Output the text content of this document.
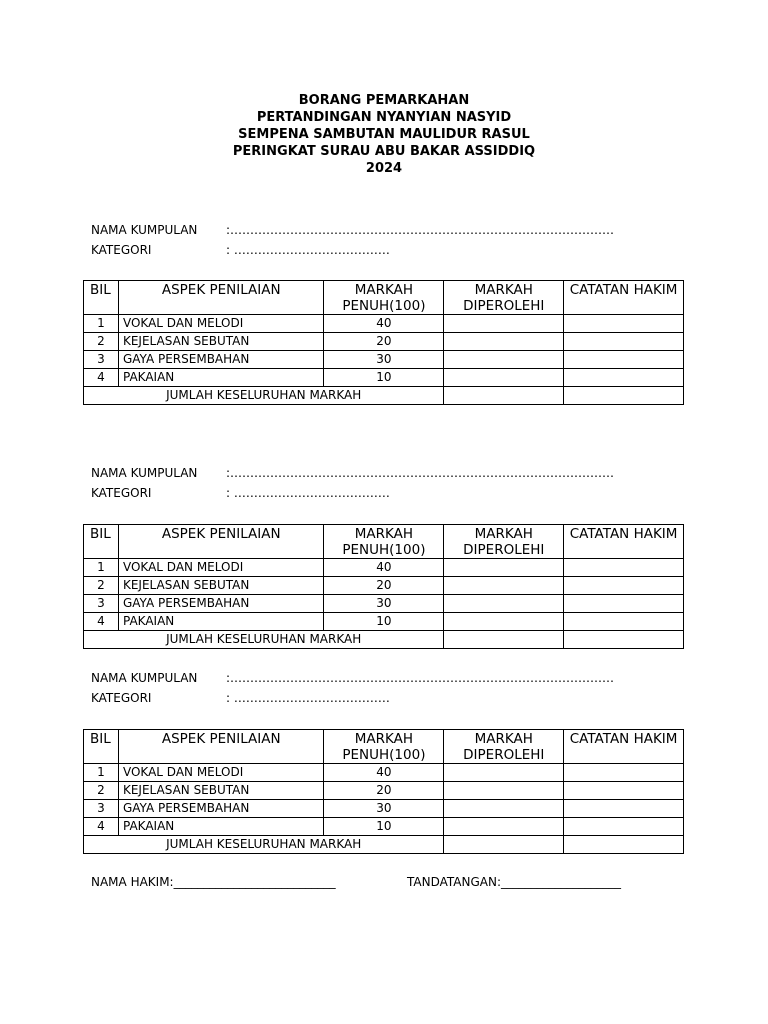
BORANG PEMARKAHAN
PERTANDINGAN NYANYIAN NASYID
SEMPENA SAMBUTAN MAULIDUR RASUL
PERINGKAT SURAU ABU BAKAR ASSIDDIQ
2024
NAMA KUMPULAN	:……………………………………………………………………………………
KATEGORI	: …………………………………
BIL	ASPEK PENILAIAN	MARKAH PENUH(100)	MARKAH DIPEROLEHI	CATATAN HAKIM
1	VOKAL DAN MELODI	40		
2	KEJELASAN SEBUTAN	20		
3	GAYA PERSEMBAHAN	30		
4	PAKAIAN	10		
JUMLAH KESELURUHAN MARKAH				
NAMA KUMPULAN	:……………………………………………………………………………………
KATEGORI	: …………………………………
BIL	ASPEK PENILAIAN	MARKAH PENUH(100)	MARKAH DIPEROLEHI	CATATAN HAKIM
1	VOKAL DAN MELODI	40		
2	KEJELASAN SEBUTAN	20		
3	GAYA PERSEMBAHAN	30		
4	PAKAIAN	10		
JUMLAH KESELURUHAN MARKAH				
NAMA KUMPULAN	:……………………………………………………………………………………
KATEGORI	: …………………………………
BIL	ASPEK PENILAIAN	MARKAH PENUH(100)	MARKAH DIPEROLEHI	CATATAN HAKIM
1	VOKAL DAN MELODI	40		
2	KEJELASAN SEBUTAN	20		
3	GAYA PERSEMBAHAN	30		
4	PAKAIAN	10		
JUMLAH KESELURUHAN MARKAH				
NAMA HAKIM:___________________________	TANDATANGAN:____________________
